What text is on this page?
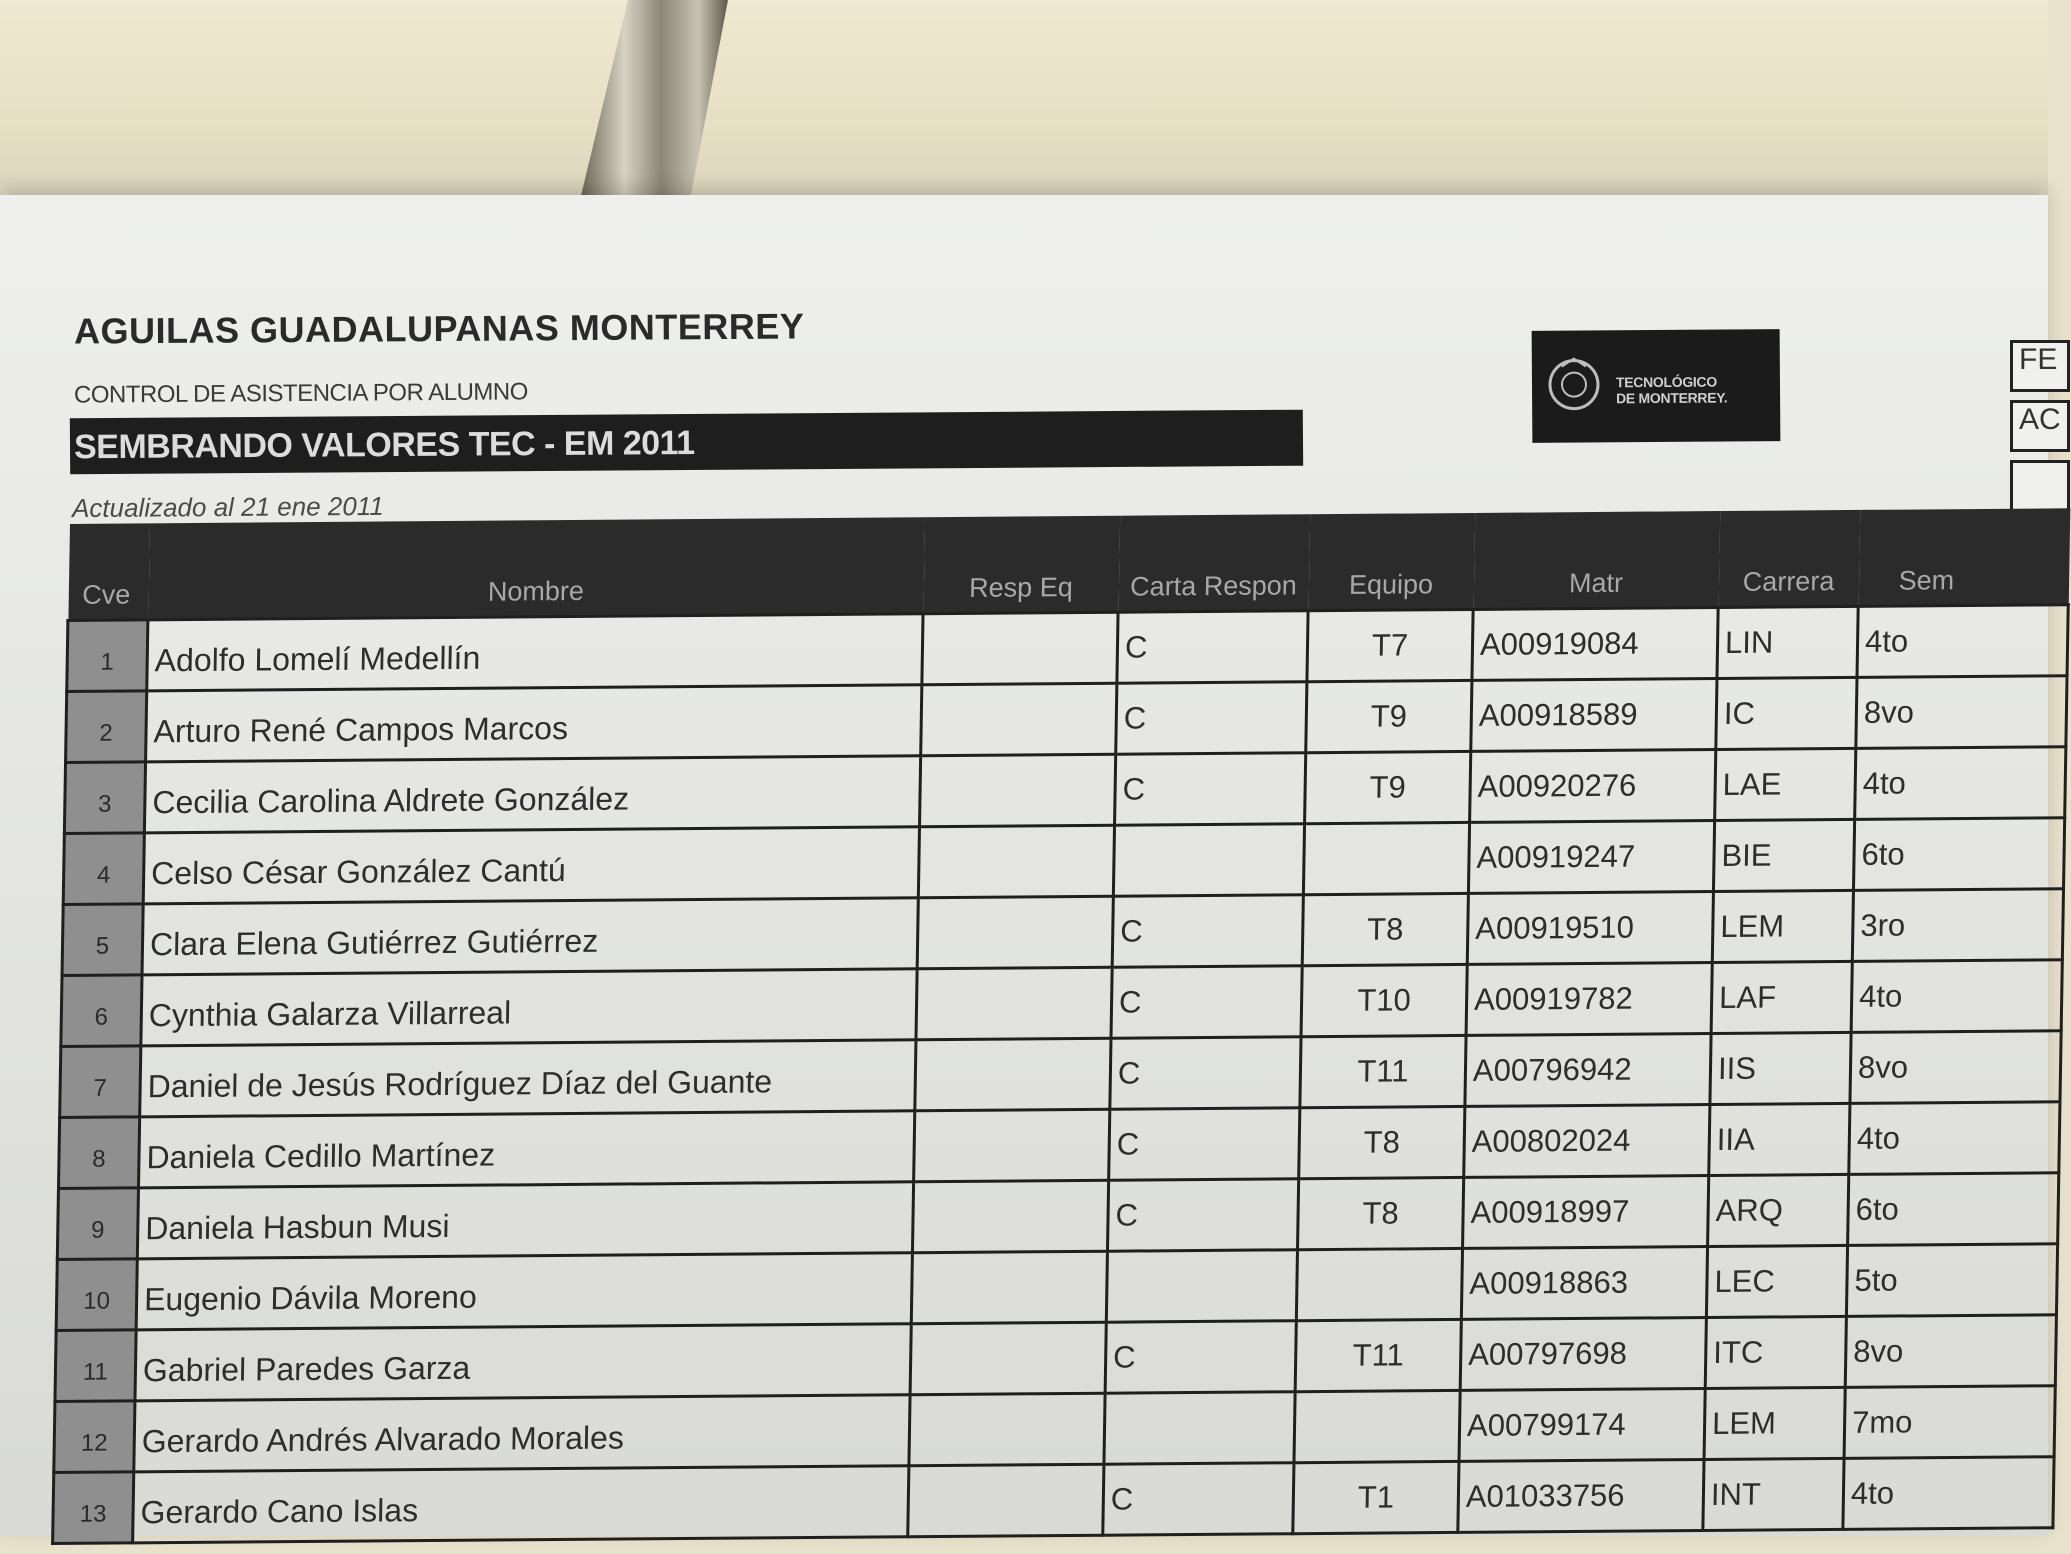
AGUILAS GUADALUPANAS MONTERREY
CONTROL DE ASISTENCIA POR ALUMNO
SEMBRANDO VALORES TEC - EM 2011
Actualizado al 21 ene 2011
TECNOLÓGICO
DE MONTERREY.
FE
AC
Cve	Nombre	Resp Eq	Carta Respon	Equipo	Matr	Carrera	Sem
1	Adolfo Lomelí Medellín		C	T7	A00919084	LIN	4to
2	Arturo René Campos Marcos		C	T9	A00918589	IC	8vo
3	Cecilia Carolina Aldrete González		C	T9	A00920276	LAE	4to
4	Celso César González Cantú				A00919247	BIE	6to
5	Clara Elena Gutiérrez Gutiérrez		C	T8	A00919510	LEM	3ro
6	Cynthia Galarza Villarreal		C	T10	A00919782	LAF	4to
7	Daniel de Jesús Rodríguez Díaz del Guante		C	T11	A00796942	IIS	8vo
8	Daniela Cedillo Martínez		C	T8	A00802024	IIA	4to
9	Daniela Hasbun Musi		C	T8	A00918997	ARQ	6to
10	Eugenio Dávila Moreno				A00918863	LEC	5to
11	Gabriel Paredes Garza		C	T11	A00797698	ITC	8vo
12	Gerardo Andrés Alvarado Morales				A00799174	LEM	7mo
13	Gerardo Cano Islas		C	T1	A01033756	INT	4to
